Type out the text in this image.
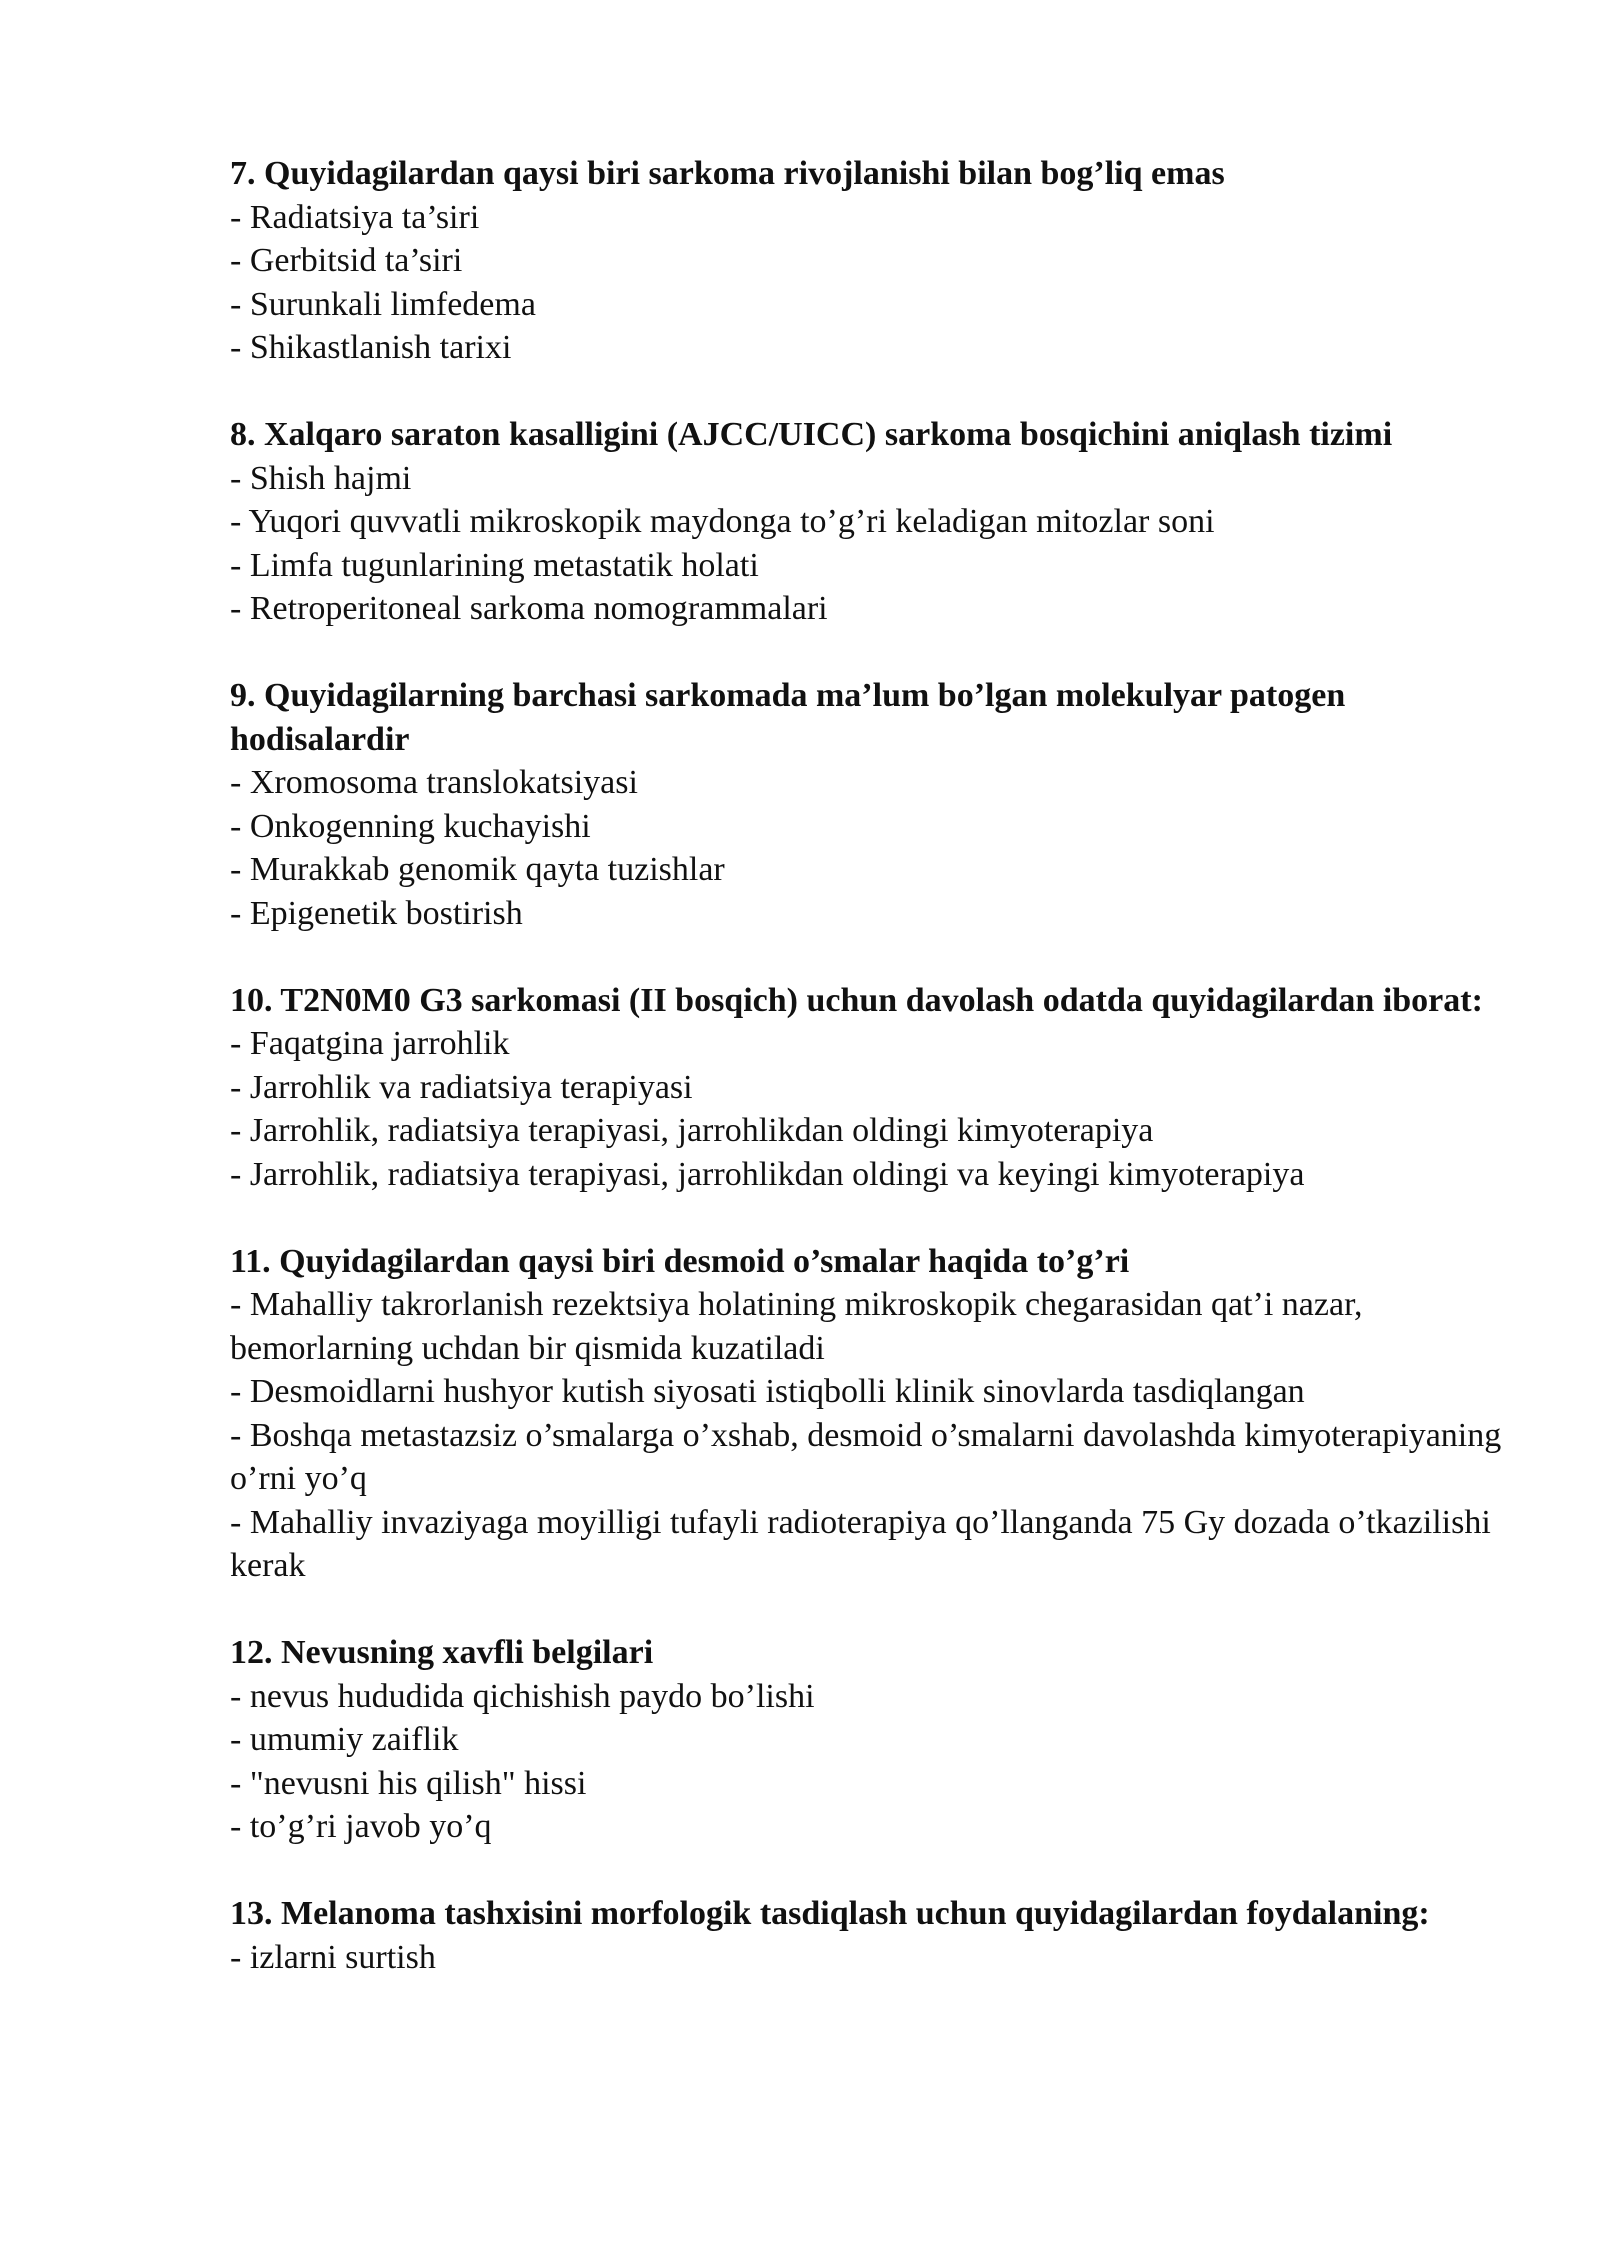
7. Quyidagilardan qaysi biri sarkoma rivojlanishi bilan bog’liq emas

- Radiatsiya ta’siri

- Gerbitsid ta’siri

- Surunkali limfedema

- Shikastlanish tarixi

8. Xalqaro saraton kasalligini (AJCC/UICC) sarkoma bosqichini aniqlash tizimi

- Shish hajmi

- Yuqori quvvatli mikroskopik maydonga to’g’ri keladigan mitozlar soni

- Limfa tugunlarining metastatik holati

- Retroperitoneal sarkoma nomogrammalari

9. Quyidagilarning barchasi sarkomada ma’lum bo’lgan molekulyar patogen hodisalardir

- Xromosoma translokatsiyasi

- Onkogenning kuchayishi

- Murakkab genomik qayta tuzishlar

- Epigenetik bostirish

10. T2N0M0 G3 sarkomasi (II bosqich) uchun davolash odatda quyidagilardan iborat:

- Faqatgina jarrohlik

- Jarrohlik va radiatsiya terapiyasi

- Jarrohlik, radiatsiya terapiyasi, jarrohlikdan oldingi kimyoterapiya

- Jarrohlik, radiatsiya terapiyasi, jarrohlikdan oldingi va keyingi kimyoterapiya

11. Quyidagilardan qaysi biri desmoid o’smalar haqida to’g’ri

- Mahalliy takrorlanish rezektsiya holatining mikroskopik chegarasidan qat’i nazar, bemorlarning uchdan bir qismida kuzatiladi

- Desmoidlarni hushyor kutish siyosati istiqbolli klinik sinovlarda tasdiqlangan

- Boshqa metastazsiz o’smalarga o’xshab, desmoid o’smalarni davolashda kimyoterapiyaning o’rni yo’q

- Mahalliy invaziyaga moyilligi tufayli radioterapiya qo’llanganda 75 Gy dozada o’tkazilishi kerak

12. Nevusning xavfli belgilari

- nevus hududida qichishish paydo bo’lishi

- umumiy zaiflik

- "nevusni his qilish" hissi

- to’g’ri javob yo’q

13. Melanoma tashxisini morfologik tasdiqlash uchun quyidagilardan foydalaning:

- izlarni surtish
